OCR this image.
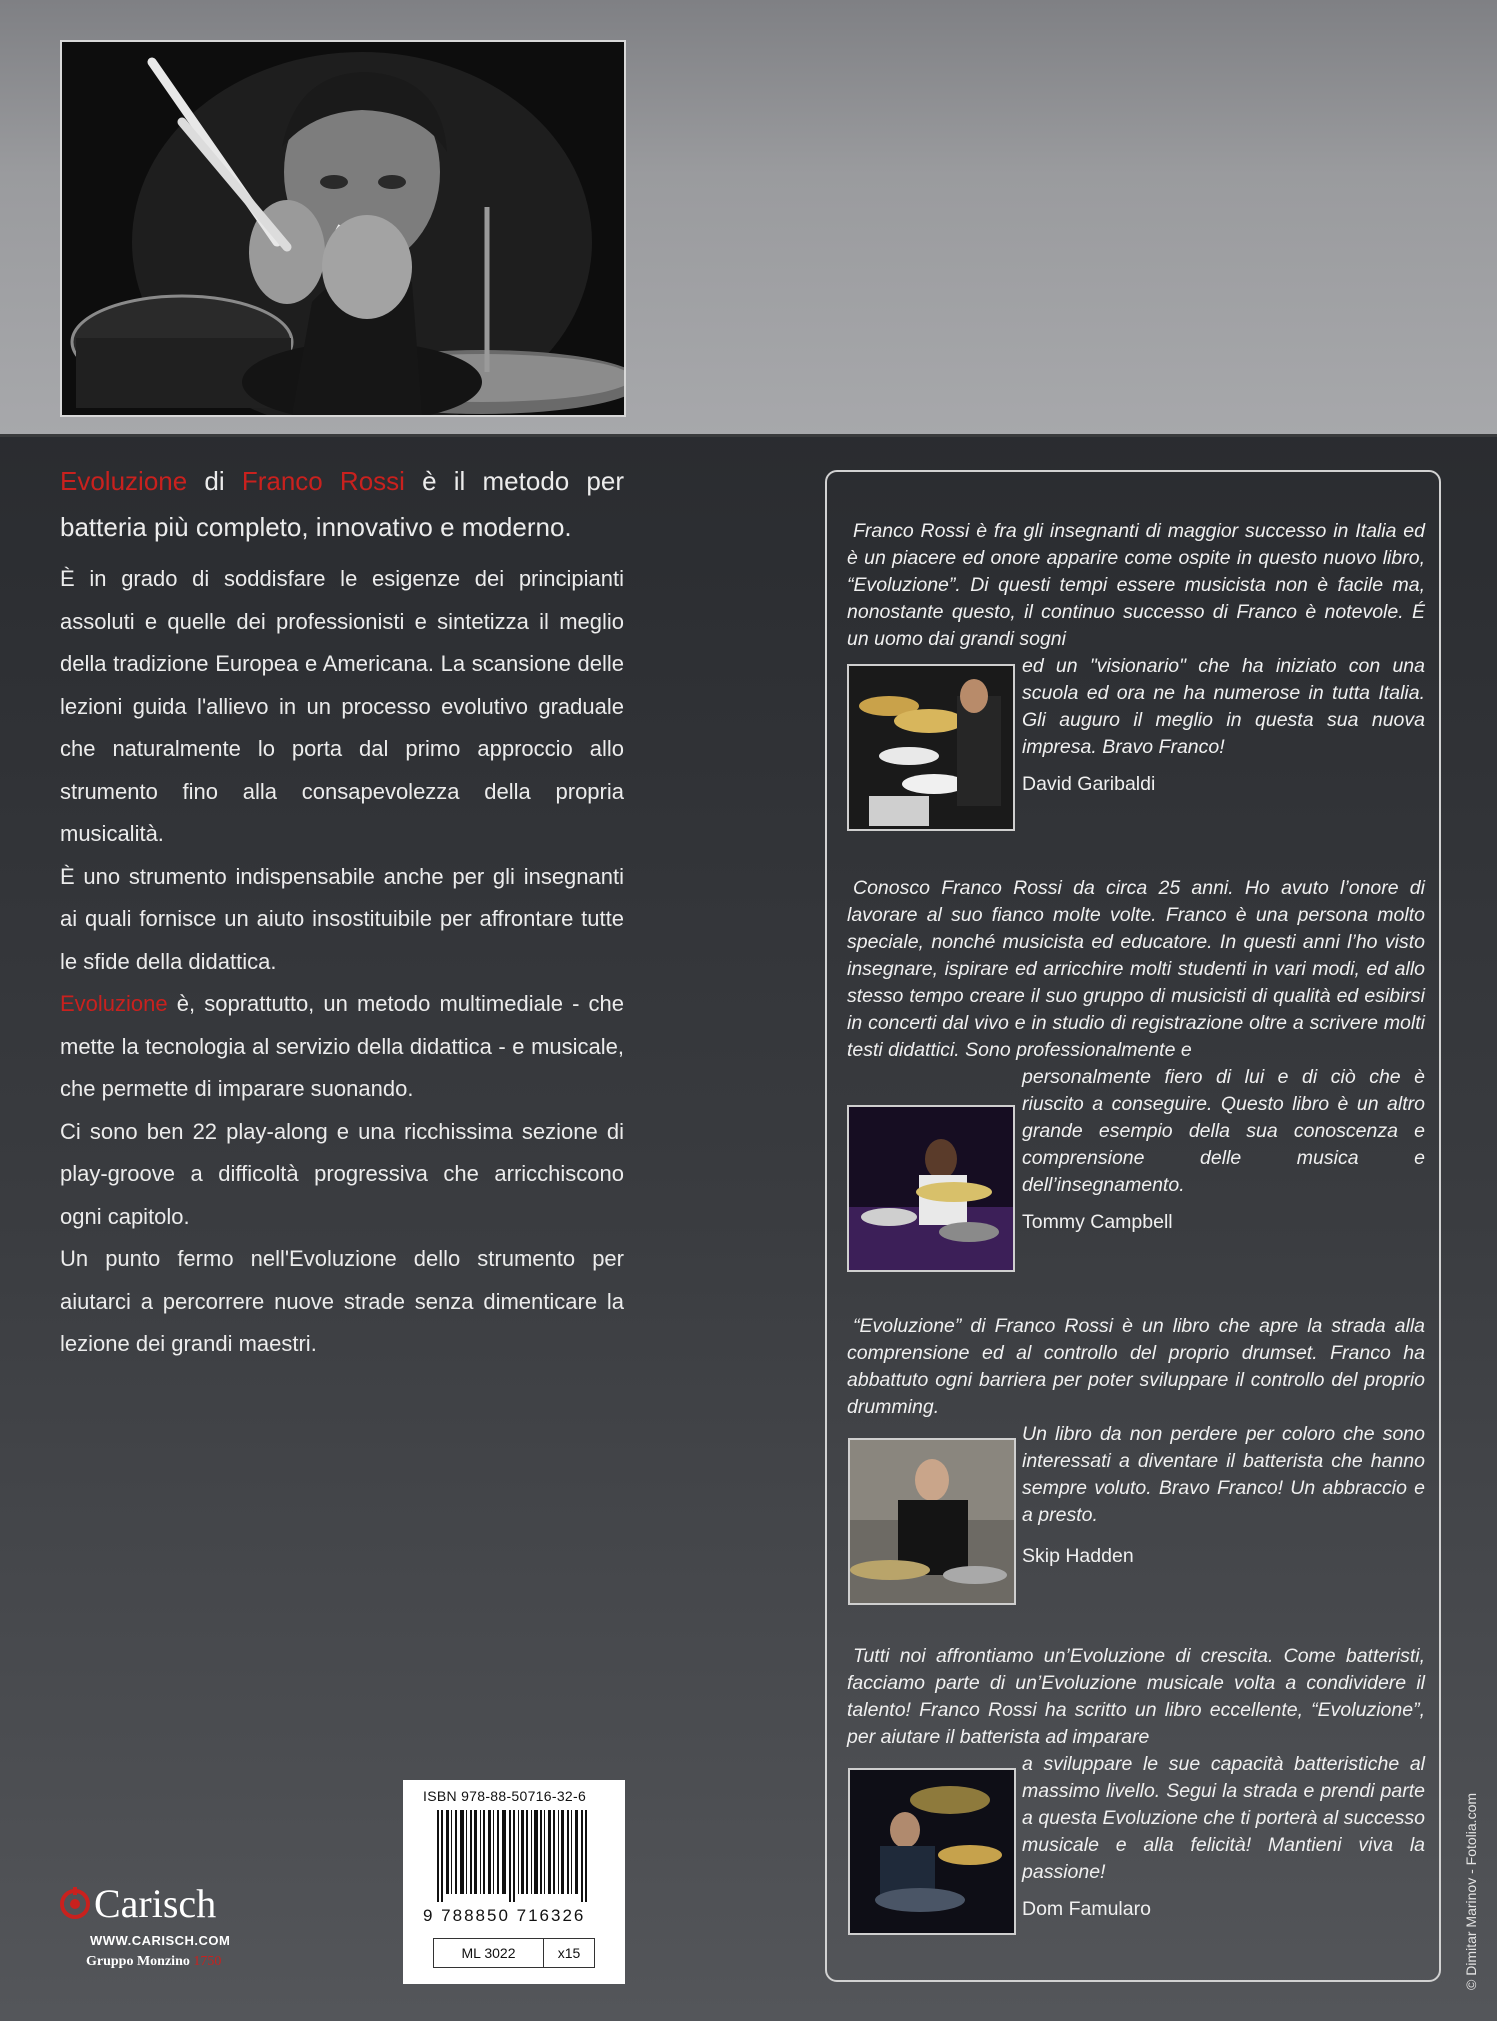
Evoluzione di Franco Rossi è il metodo per batteria più completo, innovativo e moderno.

È in grado di soddisfare le esigenze dei principianti assoluti e quelle dei professionisti e sintetizza il meglio della tradizione Europea e Americana. La scansione delle lezioni guida l'allievo in un processo evolutivo graduale che naturalmente lo porta dal primo approccio allo strumento fino alla consapevolezza della propria musicalità.

È uno strumento indispensabile anche per gli insegnanti ai quali fornisce un aiuto insostituibile per affrontare tutte le sfide della didattica.

Evoluzione è, soprattutto, un metodo multimediale - che mette la tecnologia al servizio della didattica - e musicale, che permette di imparare suonando.

Ci sono ben 22 play-along e una ricchissima sezione di play-groove a difficoltà progressiva che arricchiscono ogni capitolo.

Un punto fermo nell'Evoluzione dello strumento per aiutarci a percorrere nuove strade senza dimenticare la lezione dei grandi maestri.

Franco Rossi è fra gli insegnanti di maggior successo in Italia ed è un piacere ed onore apparire come ospite in questo nuovo libro, “Evoluzione”. Di questi tempi essere musicista non è facile ma, nonostante questo, il continuo successo di Franco è notevole. É un uomo dai grandi sogni

ed un "visionario" che ha iniziato con una scuola ed ora ne ha numerose in tutta Italia. Gli auguro il meglio in questa sua nuova impresa. Bravo Franco!

David Garibaldi

Conosco Franco Rossi da circa 25 anni. Ho avuto l’onore di lavorare al suo fianco molte volte. Franco è una persona molto speciale, nonché musicista ed educatore. In questi anni l’ho visto insegnare, ispirare ed arricchire molti studenti in vari modi, ed allo stesso tempo creare il suo gruppo di musicisti di qualità ed esibirsi in concerti dal vivo e in studio di registrazione oltre a scrivere molti testi didattici. Sono professionalmente e

personalmente fiero di lui e di ciò che è riuscito a conseguire. Questo libro è un altro grande esempio della sua conoscenza e comprensione delle musica e dell’insegnamento.

Tommy Campbell

“Evoluzione” di Franco Rossi è un libro che apre la strada alla comprensione ed al controllo del proprio drumset. Franco ha abbattuto ogni barriera per poter sviluppare il controllo del proprio drumming.

Un libro da non perdere per coloro che sono interessati a diventare il batterista che hanno sempre voluto. Bravo Franco! Un abbraccio e a presto.

Skip Hadden

Tutti noi affrontiamo un’Evoluzione di crescita. Come batteristi, facciamo parte di un’Evoluzione musicale volta a condividere il talento! Franco Rossi ha scritto un libro eccellente, “Evoluzione”, per aiutare il batterista ad imparare

a sviluppare le sue capacità batteristiche al massimo livello. Segui la strada e prendi parte a questa Evoluzione che ti porterà al successo musicale e alla felicità! Mantieni viva la passione!

Dom Famularo
ISBN 978-88-50716-32-6
9 788850 716326
ML 3022	x15
Carisch
WWW.CARISCH.COM
Gruppo Monzino 1750	© Dimitar Marinov - Fotolia.com
